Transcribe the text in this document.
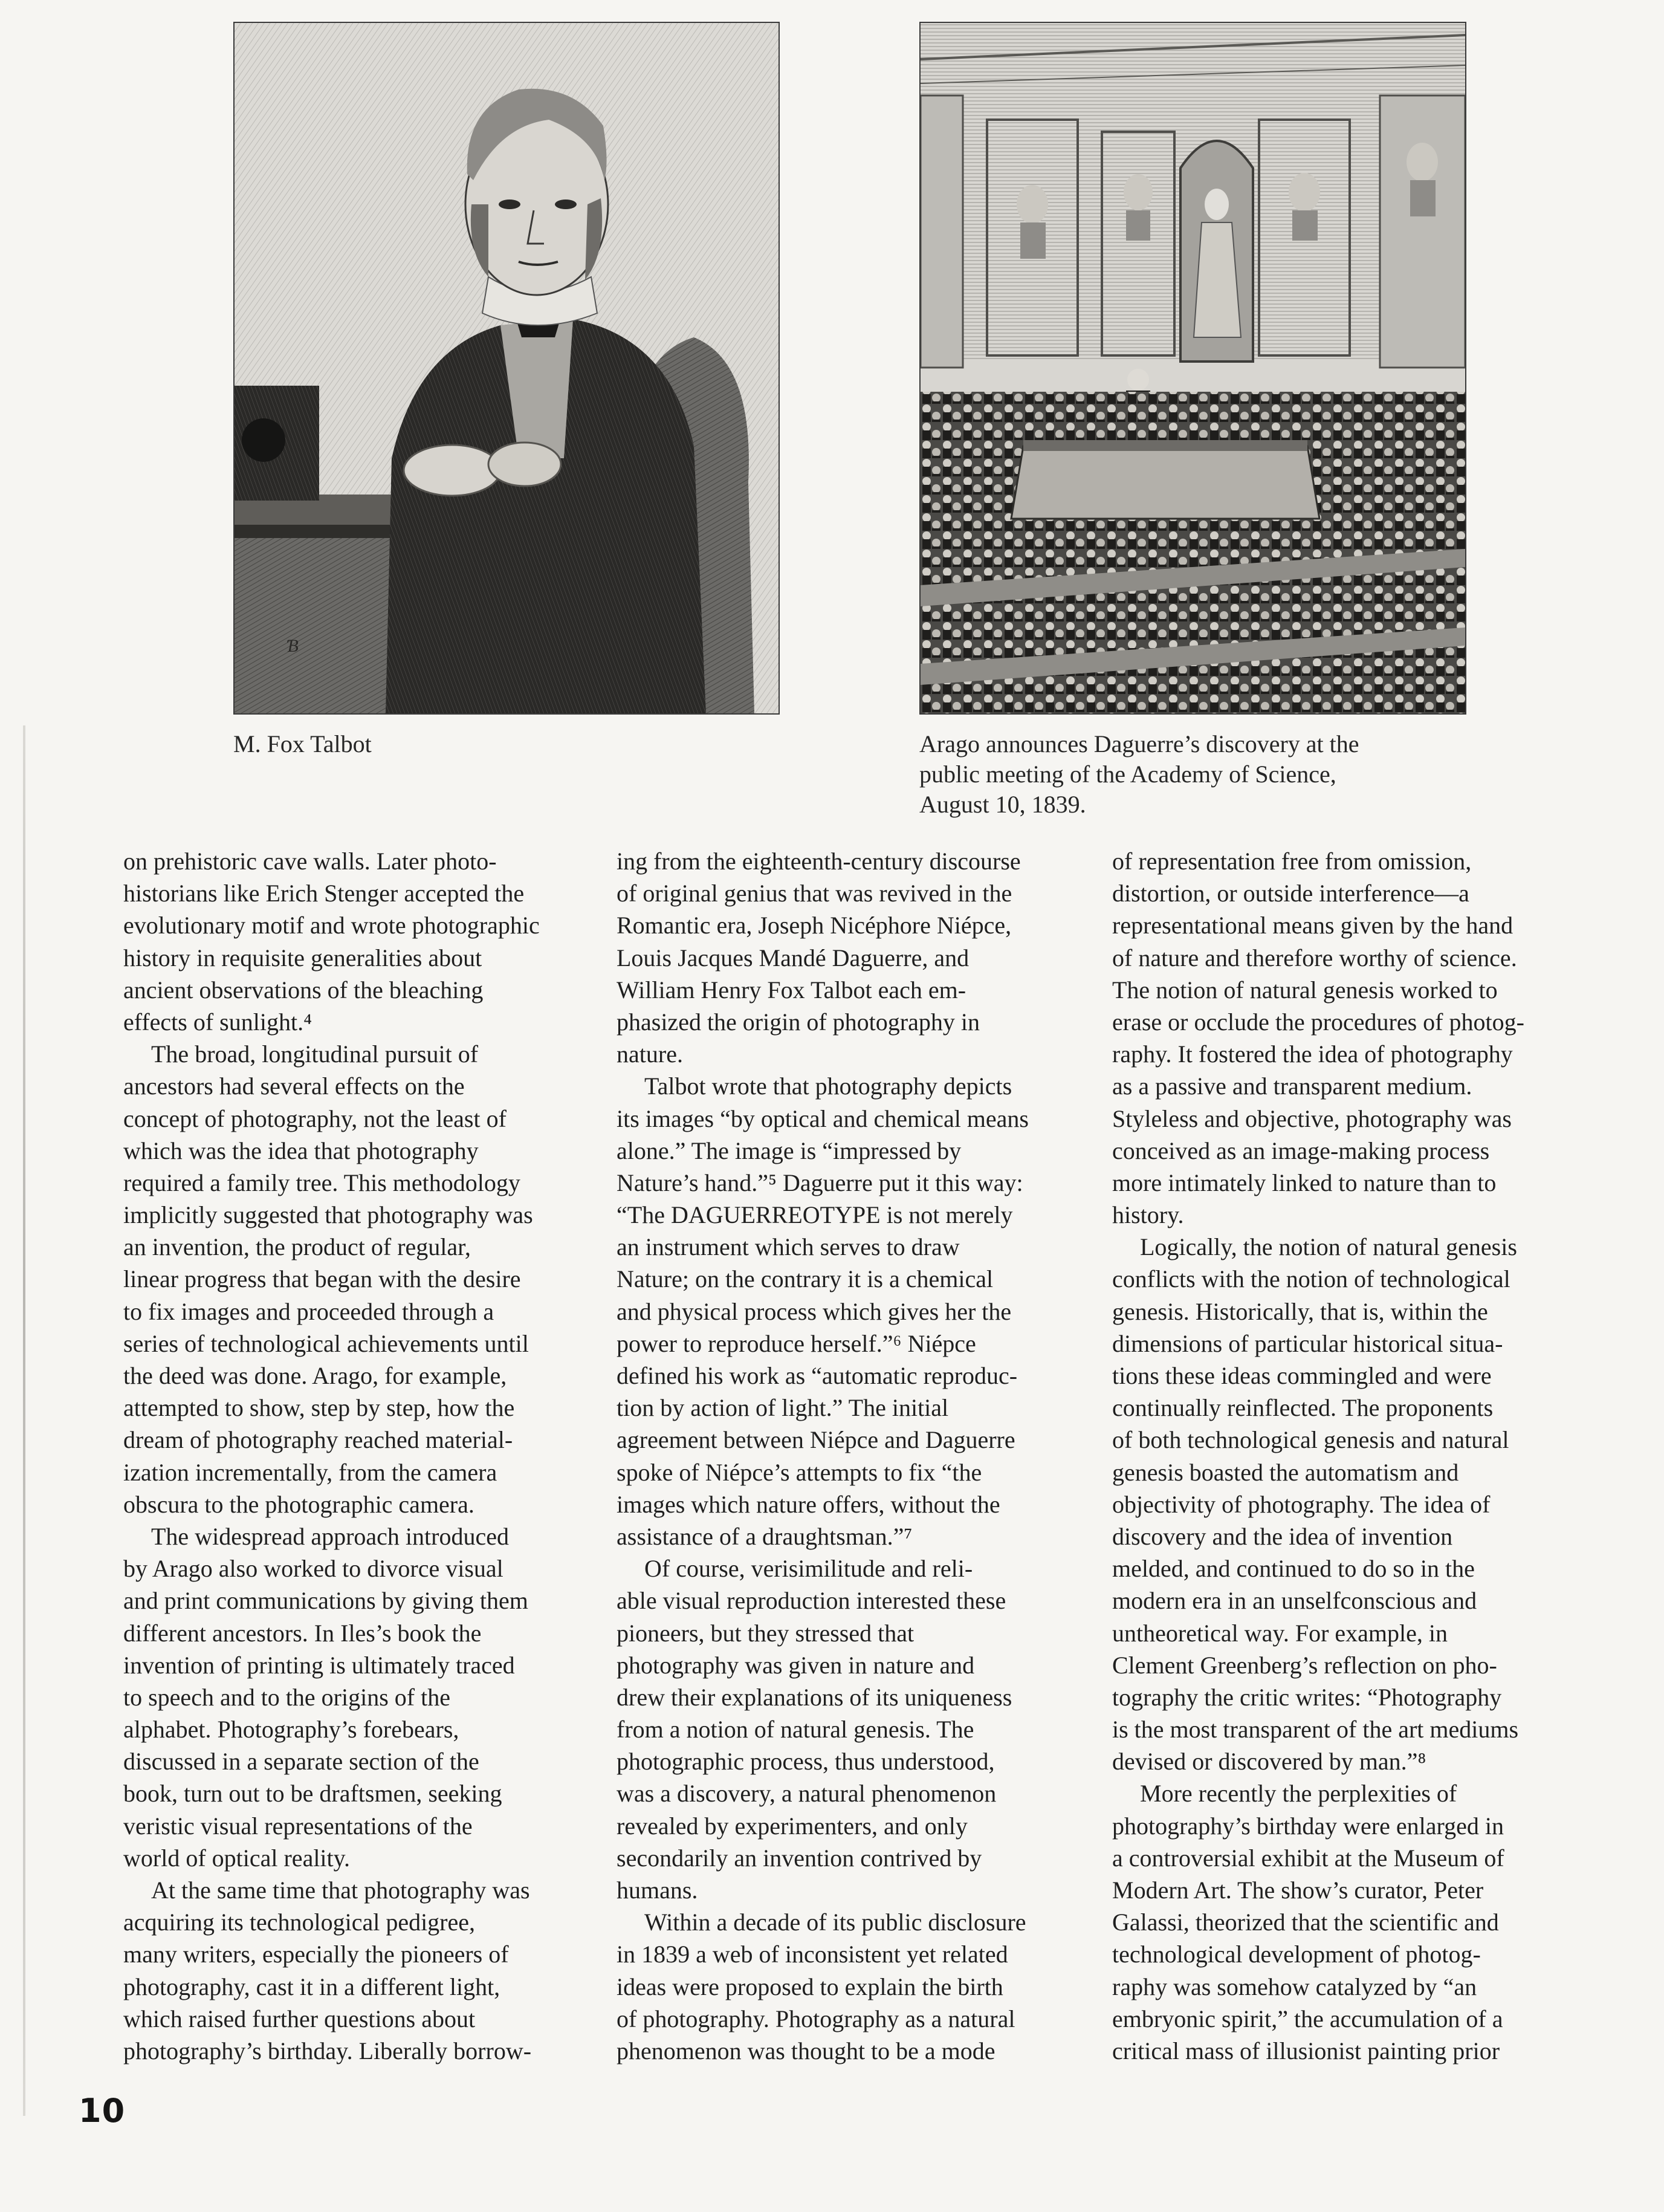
Ɓ
M. Fox Talbot	Arago announces Daguerre’s discovery at the
public meeting of the Academy of Science,
August 10, 1839.
on prehistoric cave walls. Later photo-
historians like Erich Stenger accepted the
evolutionary motif and wrote photographic
history in requisite generalities about
ancient observations of the bleaching
effects of sunlight.⁴
The broad, longitudinal pursuit of
ancestors had several effects on the
concept of photography, not the least of
which was the idea that photography
required a family tree. This methodology
implicitly suggested that photography was
an invention, the product of regular,
linear progress that began with the desire
to fix images and proceeded through a
series of technological achievements until
the deed was done. Arago, for example,
attempted to show, step by step, how the
dream of photography reached material-
ization incrementally, from the camera
obscura to the photographic camera.
The widespread approach introduced
by Arago also worked to divorce visual
and print communications by giving them
different ancestors. In Iles’s book the
invention of printing is ultimately traced
to speech and to the origins of the
alphabet. Photography’s forebears,
discussed in a separate section of the
book, turn out to be draftsmen, seeking
veristic visual representations of the
world of optical reality.
At the same time that photography was
acquiring its technological pedigree,
many writers, especially the pioneers of
photography, cast it in a different light,
which raised further questions about
photography’s birthday. Liberally borrow-
ing from the eighteenth-century discourse
of original genius that was revived in the
Romantic era, Joseph Nicéphore Niépce,
Louis Jacques Mandé Daguerre, and
William Henry Fox Talbot each em-
phasized the origin of photography in
nature.
Talbot wrote that photography depicts
its images “by optical and chemical means
alone.” The image is “impressed by
Nature’s hand.”⁵ Daguerre put it this way:
“The DAGUERREOTYPE is not merely
an instrument which serves to draw
Nature; on the contrary it is a chemical
and physical process which gives her the
power to reproduce herself.”⁶ Niépce
defined his work as “automatic reproduc-
tion by action of light.” The initial
agreement between Niépce and Daguerre
spoke of Niépce’s attempts to fix “the
images which nature offers, without the
assistance of a draughtsman.”⁷
Of course, verisimilitude and reli-
able visual reproduction interested these
pioneers, but they stressed that
photography was given in nature and
drew their explanations of its uniqueness
from a notion of natural genesis. The
photographic process, thus understood,
was a discovery, a natural phenomenon
revealed by experimenters, and only
secondarily an invention contrived by
humans.
Within a decade of its public disclosure
in 1839 a web of inconsistent yet related
ideas were proposed to explain the birth
of photography. Photography as a natural
phenomenon was thought to be a mode
of representation free from omission,
distortion, or outside interference—a
representational means given by the hand
of nature and therefore worthy of science.
The notion of natural genesis worked to
erase or occlude the procedures of photog-
raphy. It fostered the idea of photography
as a passive and transparent medium.
Styleless and objective, photography was
conceived as an image-making process
more intimately linked to nature than to
history.
Logically, the notion of natural genesis
conflicts with the notion of technological
genesis. Historically, that is, within the
dimensions of particular historical situa-
tions these ideas commingled and were
continually reinflected. The proponents
of both technological genesis and natural
genesis boasted the automatism and
objectivity of photography. The idea of
discovery and the idea of invention
melded, and continued to do so in the
modern era in an unselfconscious and
untheoretical way. For example, in
Clement Greenberg’s reflection on pho-
tography the critic writes: “Photography
is the most transparent of the art mediums
devised or discovered by man.”⁸
More recently the perplexities of
photography’s birthday were enlarged in
a controversial exhibit at the Museum of
Modern Art. The show’s curator, Peter
Galassi, theorized that the scientific and
technological development of photog-
raphy was somehow catalyzed by “an
embryonic spirit,” the accumulation of a
critical mass of illusionist painting prior
10
